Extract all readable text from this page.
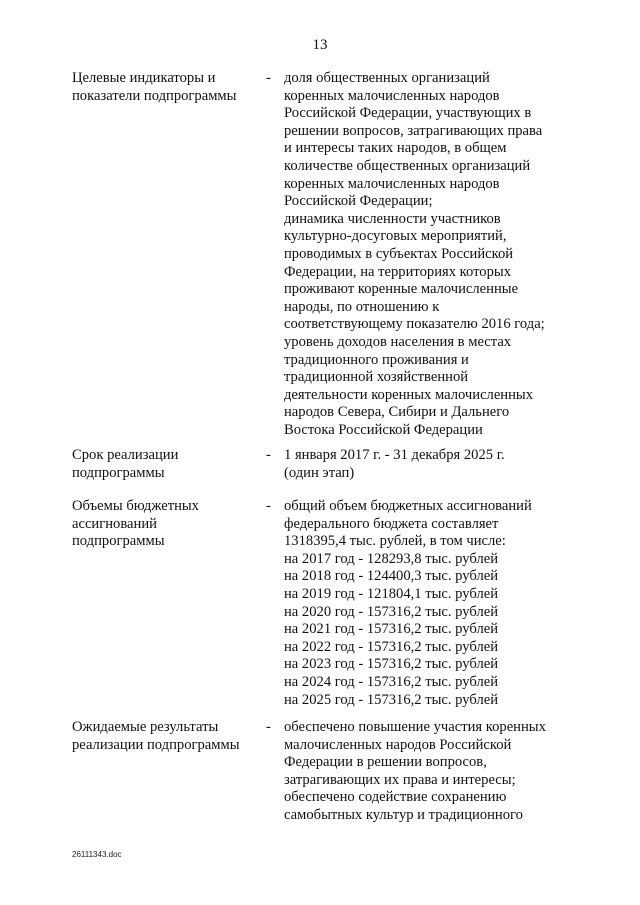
13
Целевые индикаторы и
показатели подпрограммы
- доля общественных организаций
коренных малочисленных народов
Российской Федерации, участвующих в
решении вопросов, затрагивающих права
и интересы таких народов, в общем
количестве общественных организаций
коренных малочисленных народов
Российской Федерации;
динамика численности участников
культурно-досуговых мероприятий,
проводимых в субъектах Российской
Федерации, на территориях которых
проживают коренные малочисленные
народы, по отношению к
соответствующему показателю 2016 года;
уровень доходов населения в местах
традиционного проживания и
традиционной хозяйственной
деятельности коренных малочисленных
народов Севера, Сибири и Дальнего
Востока Российской Федерации
Срок реализации
подпрограммы
- 1 января 2017 г. - 31 декабря 2025 г.
(один этап)
Объемы бюджетных
ассигнований
подпрограммы
- общий объем бюджетных ассигнований
федерального бюджета составляет
1318395,4 тыс. рублей, в том числе:
на 2017 год - 128293,8 тыс. рублей
на 2018 год - 124400,3 тыс. рублей
на 2019 год - 121804,1 тыс. рублей
на 2020 год - 157316,2 тыс. рублей
на 2021 год - 157316,2 тыс. рублей
на 2022 год - 157316,2 тыс. рублей
на 2023 год - 157316,2 тыс. рублей
на 2024 год - 157316,2 тыс. рублей
на 2025 год - 157316,2 тыс. рублей
Ожидаемые результаты
реализации подпрограммы
- обеспечено повышение участия коренных
малочисленных народов Российской
Федерации в решении вопросов,
затрагивающих их права и интересы;
обеспечено содействие сохранению
самобытных культур и традиционного
26111343.doc
